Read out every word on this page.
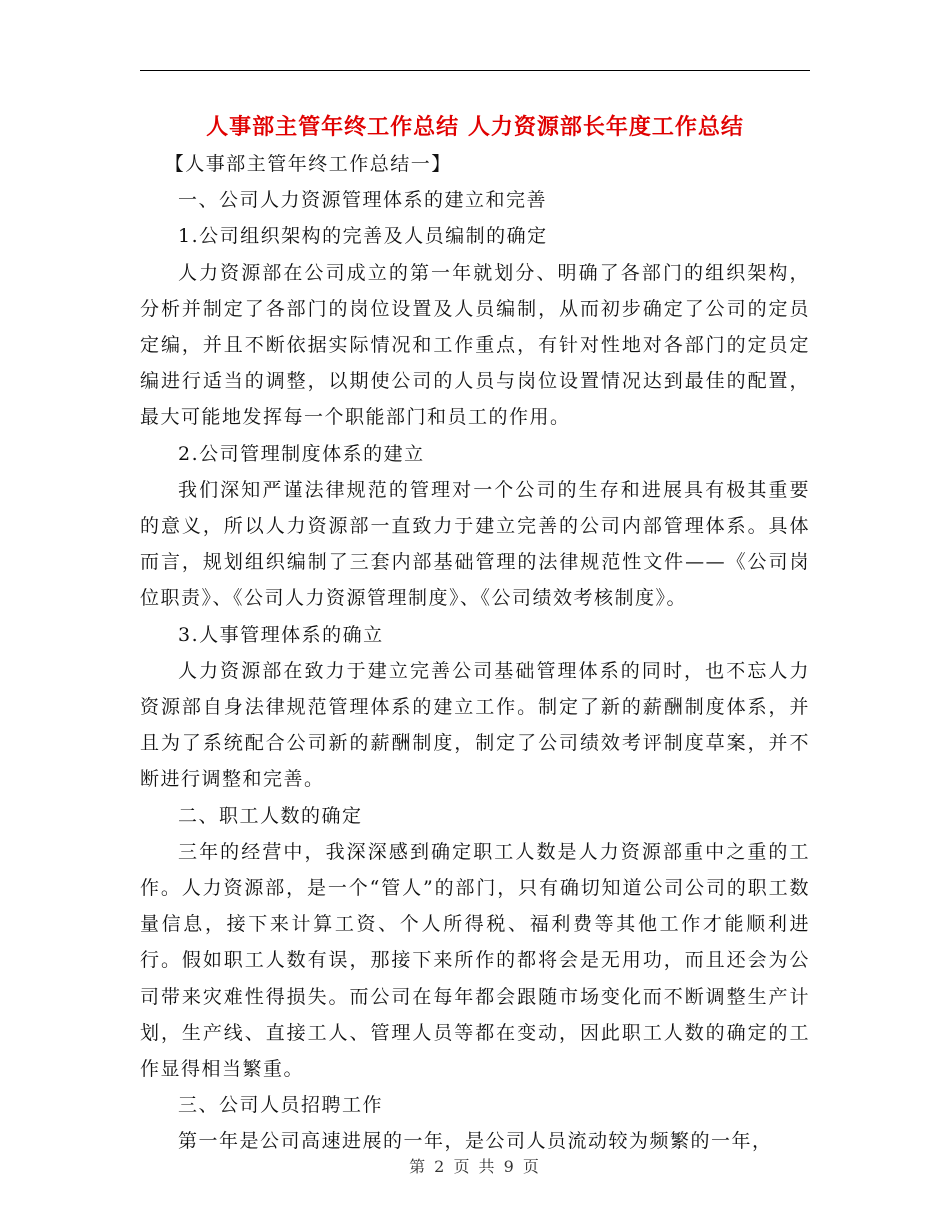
人事部主管年终工作总结 人力资源部长年度工作总结

【人事部主管年终工作总结一】

一、公司人力资源管理体系的建立和完善

1.公司组织架构的完善及人员编制的确定

人力资源部在公司成立的第一年就划分、明确了各部门的组织架构，分析并制定了各部门的岗位设置及人员编制，从而初步确定了公司的定员定编，并且不断依据实际情况和工作重点，有针对性地对各部门的定员定编进行适当的调整，以期使公司的人员与岗位设置情况达到最佳的配置，最大可能地发挥每一个职能部门和员工的作用。

2.公司管理制度体系的建立

我们深知严谨法律规范的管理对一个公司的生存和进展具有极其重要的意义，所以人力资源部一直致力于建立完善的公司内部管理体系。具体而言，规划组织编制了三套内部基础管理的法律规范性文件——《公司岗位职责》、《公司人力资源管理制度》、《公司绩效考核制度》。

3.人事管理体系的确立

人力资源部在致力于建立完善公司基础管理体系的同时，也不忘人力资源部自身法律规范管理体系的建立工作。制定了新的薪酬制度体系，并且为了系统配合公司新的薪酬制度，制定了公司绩效考评制度草案，并不断进行调整和完善。

二、职工人数的确定

三年的经营中，我深深感到确定职工人数是人力资源部重中之重的工作。人力资源部，是一个“管人”的部门，只有确切知道公司公司的职工数量信息，接下来计算工资、个人所得税、福利费等其他工作才能顺利进行。假如职工人数有误，那接下来所作的都将会是无用功，而且还会为公司带来灾难性得损失。而公司在每年都会跟随市场变化而不断调整生产计划，生产线、直接工人、管理人员等都在变动，因此职工人数的确定的工作显得相当繁重。

三、公司人员招聘工作

第一年是公司高速进展的一年，是公司人员流动较为频繁的一年，

第 2 页 共 9 页
